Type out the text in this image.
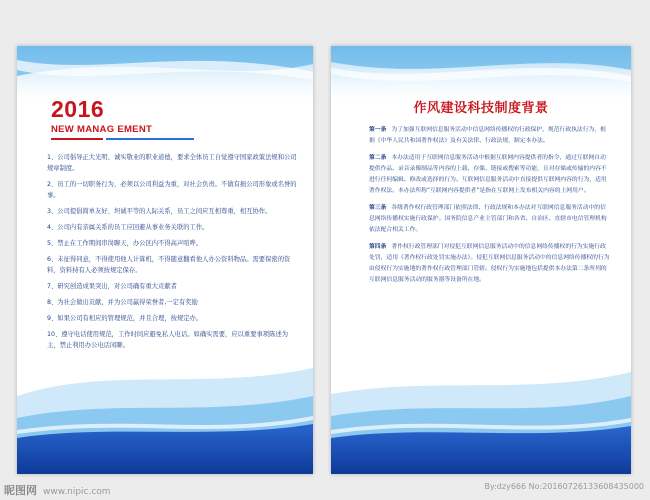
2016
NEW MANAG EMENT
1、公司倡导正大光明、诚实敬业的职业道德，要求全体员工自觉遵守国家政策法规和公司规章制度。
2、员工的一切职务行为，必须以公司利益为重，对社会负责。不做有损公司形象或名誉的事。
3、公司提倡简单友好、坦诚平等的人际关系，员工之间应互相尊重，相互协作。
4、公司内有亲属关系的员工应回避从事业务关联的工作。
5、禁止在工作期间串岗聊天，办公区内不得高声喧哗。
6、未征得同意，不得使用他人计算机，不得随意翻看他人办公资料物品。需要保密的资料，资料持有人必须按规定保存。
7、研究创造成果突出，对公司确有重大贡献者
8、为社会做出贡献，并为公司赢得荣誉者,一定有奖励
9、如果公司有相应的管理规范，并且合理，按规定办。
10、遵守电话使用规范，工作时间应避免私人电话。如确实需要，应以重要事项陈述为主，禁止利用办公电话闲聊。
作风建设科技制度背景
第一条 为了加强互联网信息服务活动中信息网络传播权的行政保护，规范行政执法行为，根据《中华人民共和国著作权法》及有关法律、行政法规，制定本办法。
第二条 本办法适用于互联网信息服务活动中根据互联网内容提供者的指令，通过互联网自动提供作品、录音录像制品等内容的上载、存储、链接或搜索等功能，且对存储或传输的内容不进行任何编辑、修改或选择的行为。互联网信息服务活动中直接提供互联网内容的行为，适用著作权法。本办法所称“互联网内容提供者”是指在互联网上发布相关内容的上网用户。
第三条 各级著作权行政管理部门依照法律、行政法规和本办法对互联网信息服务活动中的信息网络传播权实施行政保护。国务院信息产业主管部门和各省、自治区、直辖市电信管理机构依法配合相关工作。
第四条 著作权行政管理部门对侵犯互联网信息服务活动中的信息网络传播权的行为实施行政处罚，适用《著作权行政处罚实施办法》。侵犯互联网信息服务活动中的信息网络传播权的行为由侵权行为实施地的著作权行政管理部门管辖。侵权行为实施地包括提供本办法第二条所列的互联网信息服务活动的服务器等设备所在地。
昵图网 www.nipic.com
By:dzy666 No:20160726133608435000
